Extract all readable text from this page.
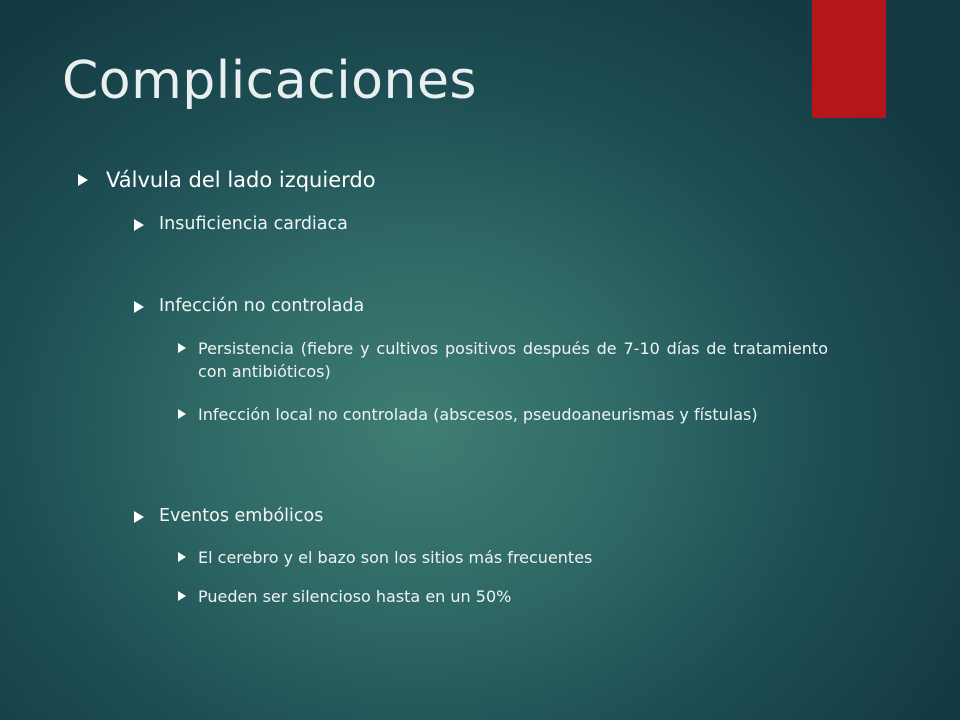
Complicaciones
Válvula del lado izquierdo
Insuficiencia cardiaca
Infección no controlada
Persistencia (fiebre y cultivos positivos después de 7-10 días de tratamiento con antibióticos)
Infección local no controlada (abscesos, pseudoaneurismas y fístulas)
Eventos embólicos
El cerebro y el bazo son los sitios más frecuentes
Pueden ser silencioso hasta en un 50%
